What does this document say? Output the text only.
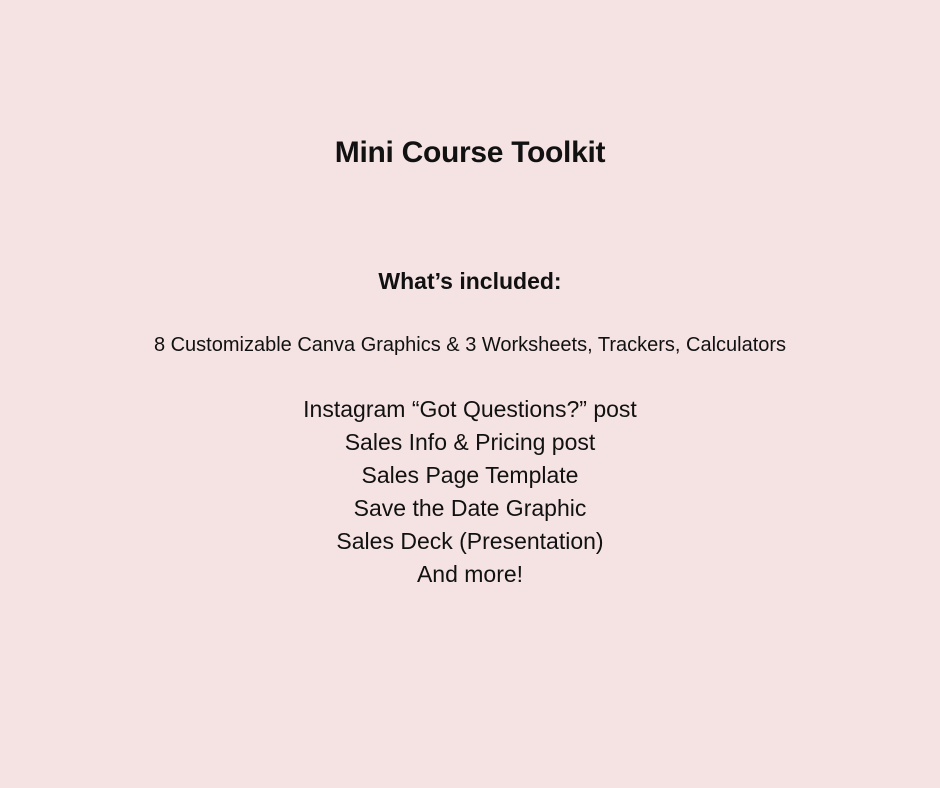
Mini Course Toolkit
What’s included:
8 Customizable Canva Graphics & 3 Worksheets, Trackers, Calculators
Instagram “Got Questions?” post
Sales Info & Pricing post
Sales Page Template
Save the Date Graphic
Sales Deck (Presentation)
And more!
